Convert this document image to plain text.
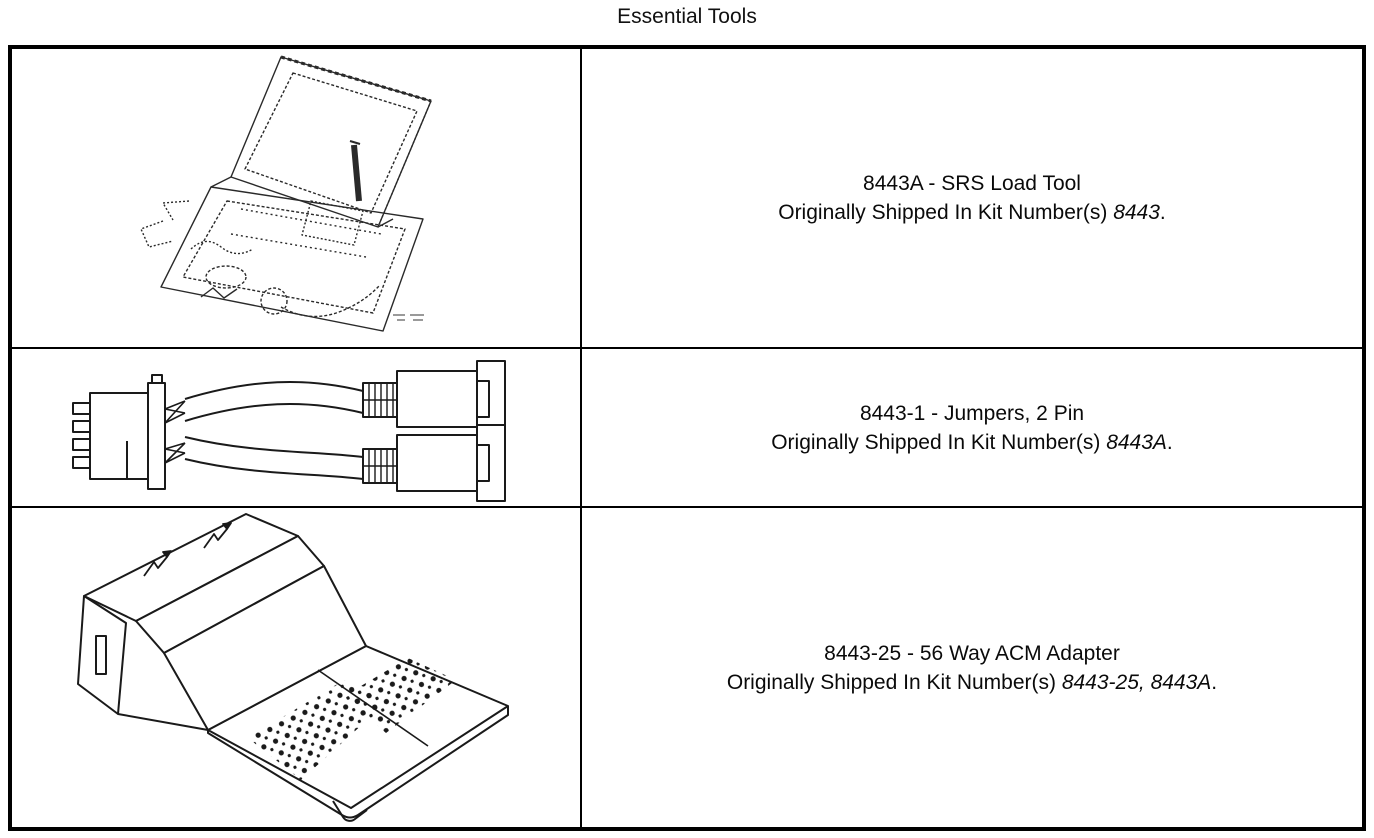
Essential Tools
8443A - SRS Load Tool
Originally Shipped In Kit Number(s) 8443.
8443-1 - Jumpers, 2 Pin
Originally Shipped In Kit Number(s) 8443A.
8443-25 - 56 Way ACM Adapter
Originally Shipped In Kit Number(s) 8443-25, 8443A.
